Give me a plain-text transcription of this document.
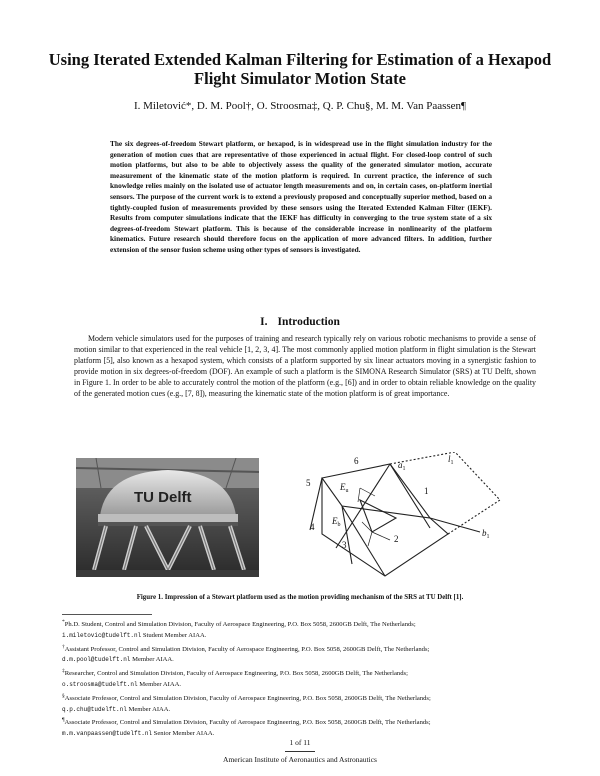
Using Iterated Extended Kalman Filtering for Estimation of a Hexapod Flight Simulator Motion State
I. Miletović*, D. M. Pool†, O. Stroosma‡, Q. P. Chu§, M. M. Van Paassen¶
The six degrees-of-freedom Stewart platform, or hexapod, is in widespread use in the flight simulation industry for the generation of motion cues that are representative of those experienced in actual flight. For closed-loop control of such motion platforms, but also to be able to objectively assess the quality of the generated simulator motion, accurate measurement of the kinematic state of the motion platform is required. In current practice, the inference of such knowledge relies mainly on the isolated use of actuator length measurements and on, in certain cases, on-platform inertial sensors. The purpose of the current work is to extend a previously proposed and conceptually superior method, based on a tightly-coupled fusion of measurements provided by these sensors using the Iterated Extended Kalman Filter (IEKF). Results from computer simulations indicate that the IEKF has difficulty in converging to the true system state of a six degrees-of-freedom Stewart platform. This is because of the considerable increase in nonlinearity of the platform kinematics. Future research should therefore focus on the application of more advanced filters. In addition, further extension of the sensor fusion scheme using other types of sensors is investigated.
I. Introduction
Modern vehicle simulators used for the purposes of training and research typically rely on various robotic mechanisms to provide a sense of motion similar to that experienced in the real vehicle [1, 2, 3, 4]. The most commonly applied motion platform in flight simulation is the Stewart platform [5], also known as a hexapod system, which consists of a platform supported by six linear actuators moving in a synergistic fashion to provide motion in six degrees-of-freedom (DOF). An example of such a platform is the SIMONA Research Simulator (SRS) at TU Delft, shown in Figure 1. In order to be able to accurately control the motion of the platform (e.g., [6]) and in order to obtain reliable knowledge on the quality of the generated motion cues (e.g., [7, 8]), measuring the kinematic state of the motion platform is of great importance.
TU Delft
$l_1$
$a_1$
$b_1$
$E_u$
$E_b$
1
2
3
4
5
6
Figure 1. Impression of a Stewart platform used as the motion providing mechanism of the SRS at TU Delft [1].

*Ph.D. Student, Control and Simulation Division, Faculty of Aerospace Engineering, P.O. Box 5058, 2600GB Delft, The Netherlands;
i.miletovic@tudelft.nl Student Member AIAA.

†Assistant Professor, Control and Simulation Division, Faculty of Aerospace Engineering, P.O. Box 5058, 2600GB Delft, The Netherlands;
d.m.pool@tudelft.nl Member AIAA.

‡Researcher, Control and Simulation Division, Faculty of Aerospace Engineering, P.O. Box 5058, 2600GB Delft, The Netherlands;
o.stroosma@tudelft.nl Member AIAA.

§Associate Professor, Control and Simulation Division, Faculty of Aerospace Engineering, P.O. Box 5058, 2600GB Delft, The Netherlands;
q.p.chu@tudelft.nl Member AIAA.

¶Associate Professor, Control and Simulation Division, Faculty of Aerospace Engineering, P.O. Box 5058, 2600GB Delft, The Netherlands;
m.m.vanpaassen@tudelft.nl Senior Member AIAA.

1 of 11
American Institute of Aeronautics and Astronautics
